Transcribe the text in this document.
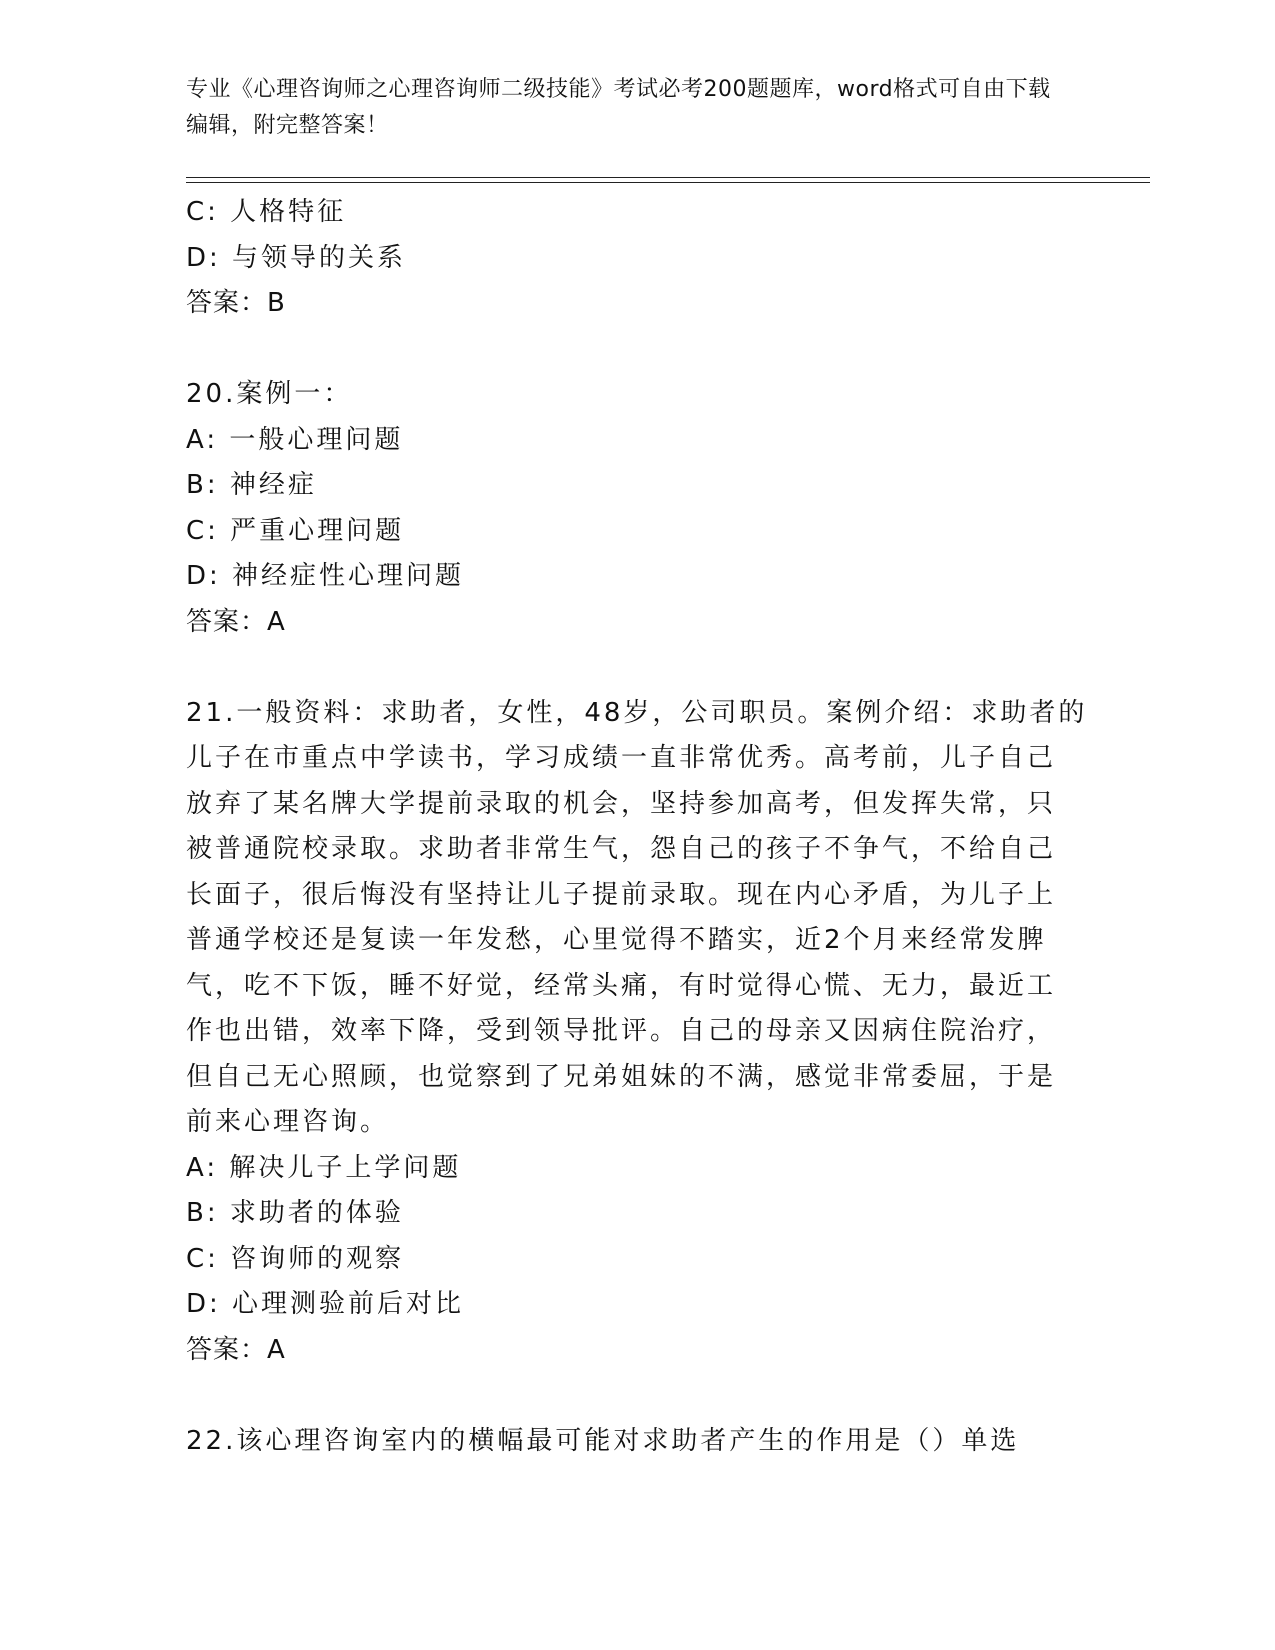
专业《心理咨询师之心理咨询师二级技能》考试必考200题题库，word格式可自由下载编辑，附完整答案！
C: 人格特征
D: 与领导的关系
答案：B
20.案例一：
A: 一般心理问题
B: 神经症
C: 严重心理问题
D: 神经症性心理问题
答案：A
21.一般资料：求助者，女性，48岁，公司职员。案例介绍：求助者的
儿子在市重点中学读书，学习成绩一直非常优秀。高考前，儿子自己
放弃了某名牌大学提前录取的机会，坚持参加高考，但发挥失常，只
被普通院校录取。求助者非常生气，怨自己的孩子不争气，不给自己
长面子，很后悔没有坚持让儿子提前录取。现在内心矛盾，为儿子上
普通学校还是复读一年发愁，心里觉得不踏实，近2个月来经常发脾
气，吃不下饭，睡不好觉，经常头痛，有时觉得心慌、无力，最近工
作也出错，效率下降，受到领导批评。自己的母亲又因病住院治疗，
但自己无心照顾，也觉察到了兄弟姐妹的不满，感觉非常委屈，于是
前来心理咨询。
A: 解决儿子上学问题
B: 求助者的体验
C: 咨询师的观察
D: 心理测验前后对比
答案：A
22.该心理咨询室内的横幅最可能对求助者产生的作用是（）单选
